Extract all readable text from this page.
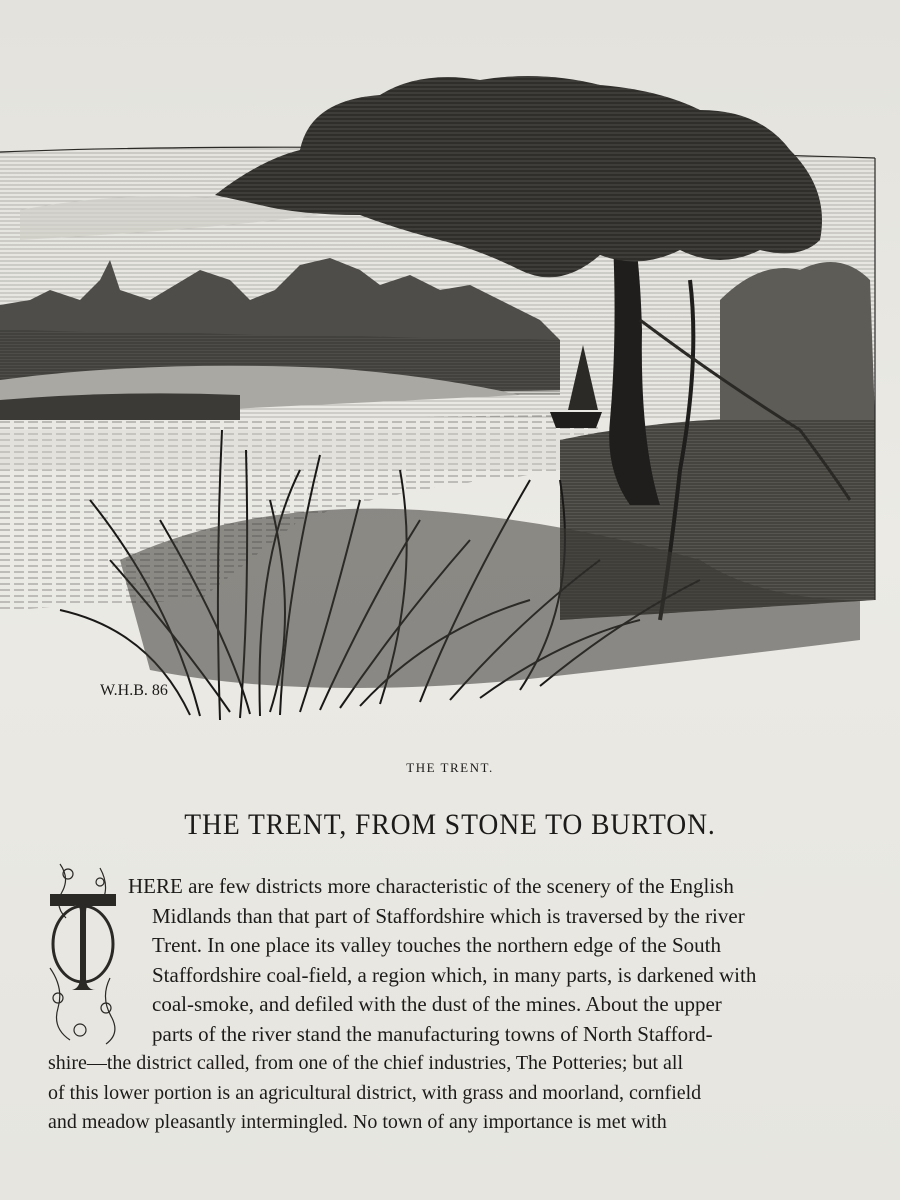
W.H.B. 86
THE TRENT.
THE TRENT, FROM STONE TO BURTON.
HERE are few districts more characteristic of the scenery of the English
Midlands than that part of Staffordshire which is traversed by the river
Trent. In one place its valley touches the northern edge of the South
Staffordshire coal-field, a region which, in many parts, is darkened with
coal-smoke, and defiled with the dust of the mines. About the upper
parts of the river stand the manufacturing towns of North Stafford-
shire—the district called, from one of the chief industries, The Potteries; but all
of this lower portion is an agricultural district, with grass and moorland, cornfield
and meadow pleasantly intermingled. No town of any importance is met with
